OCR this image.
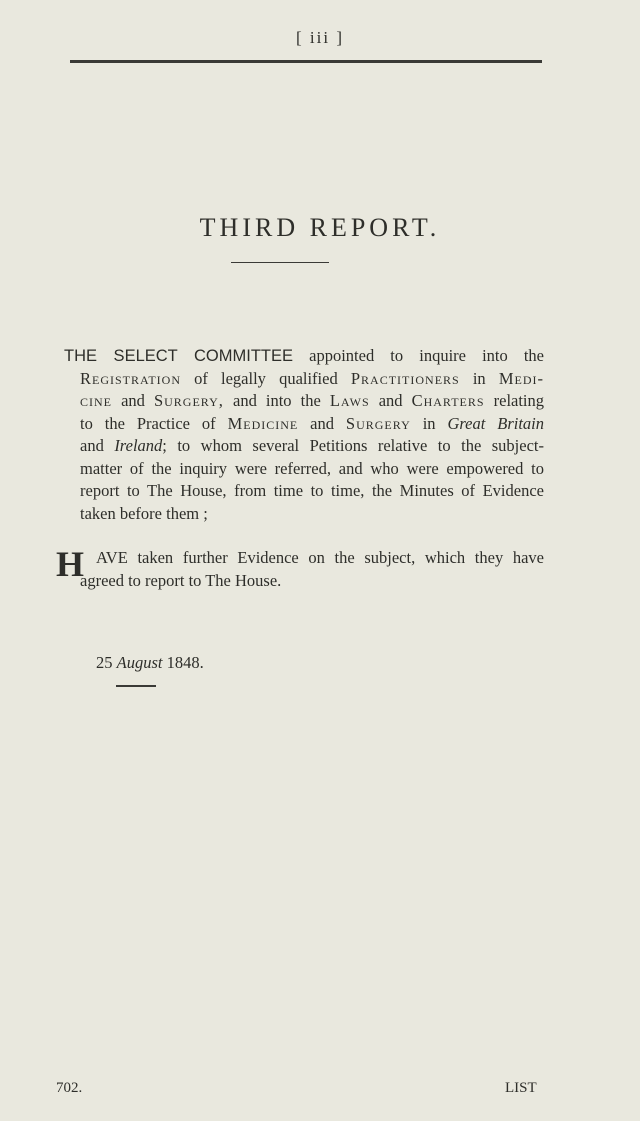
[ iii ]
THIRD REPORT.
THE SELECT COMMITTEE appointed to inquire into the
Registration of legally qualified Practitioners in Medi-
cine and Surgery, and into the Laws and Charters relating
to the Practice of Medicine and Surgery in Great Britain
and Ireland; to whom several Petitions relative to the subject-
matter of the inquiry were referred, and who were empowered to
report to The House, from time to time, the Minutes of Evidence
taken before them ;
H AVE taken further Evidence on the subject, which they have
agreed to report to The House.
25 August 1848.
702.	LIST
